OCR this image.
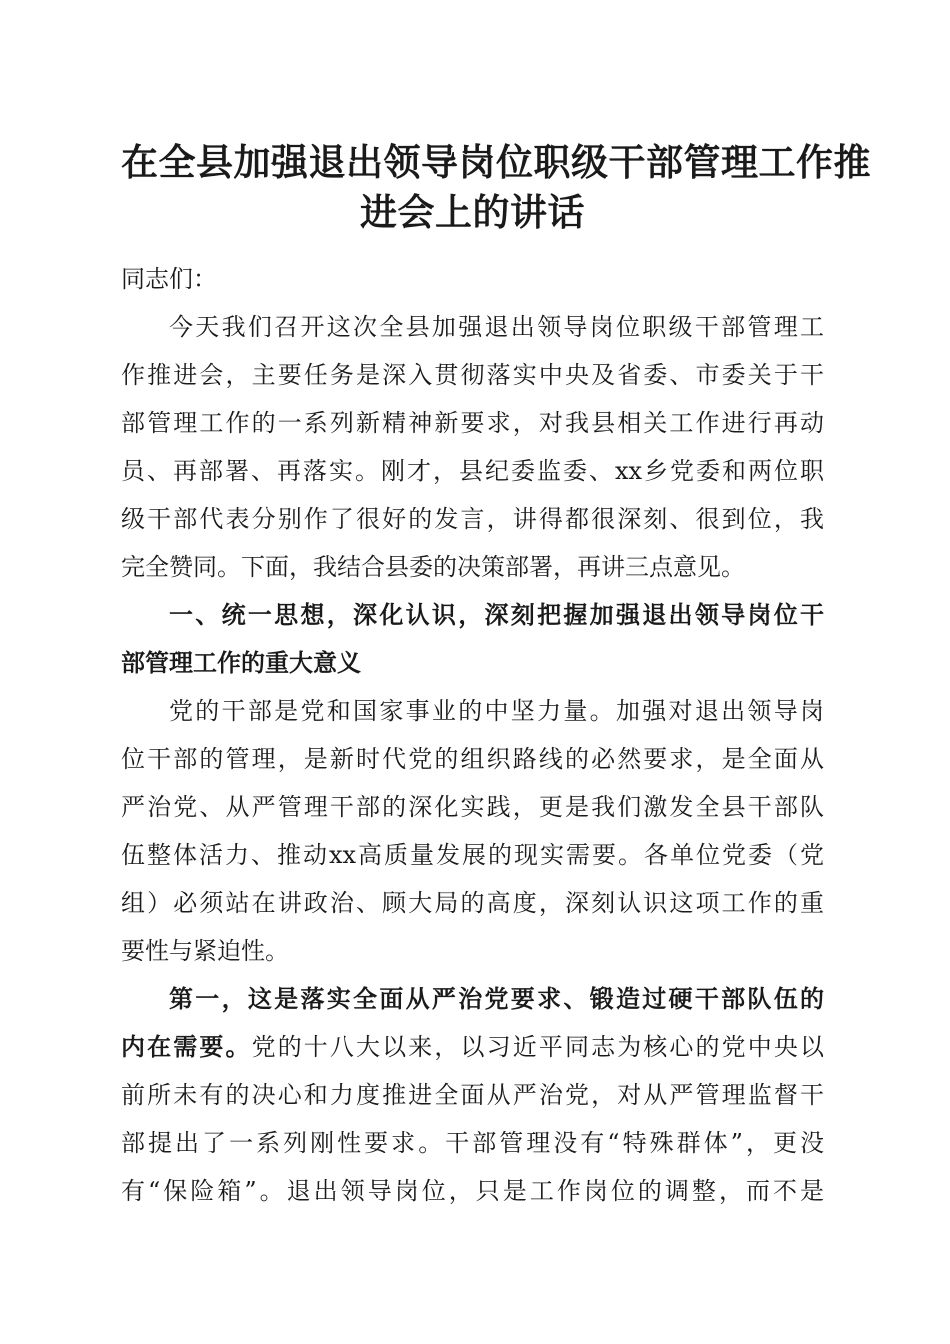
在全县加强退出领导岗位职级干部管理工作推
进会上的讲话
同志们：
今天我们召开这次全县加强退出领导岗位职级干部管理工
作推进会，主要任务是深入贯彻落实中央及省委、市委关于干
部管理工作的一系列新精神新要求，对我县相关工作进行再动
员、再部署、再落实。刚才，县纪委监委、xx乡党委和两位职
级干部代表分别作了很好的发言，讲得都很深刻、很到位，我
完全赞同。下面，我结合县委的决策部署，再讲三点意见。
一、统一思想，深化认识，深刻把握加强退出领导岗位干
部管理工作的重大意义
党的干部是党和国家事业的中坚力量。加强对退出领导岗
位干部的管理，是新时代党的组织路线的必然要求，是全面从
严治党、从严管理干部的深化实践，更是我们激发全县干部队
伍整体活力、推动xx高质量发展的现实需要。各单位党委（党
组）必须站在讲政治、顾大局的高度，深刻认识这项工作的重
要性与紧迫性。
第一，这是落实全面从严治党要求、锻造过硬干部队伍的
内在需要。党的十八大以来，以习近平同志为核心的党中央以
前所未有的决心和力度推进全面从严治党，对从严管理监督干
部提出了一系列刚性要求。干部管理没有“特殊群体”，更没
有“保险箱”。退出领导岗位，只是工作岗位的调整，而不是
